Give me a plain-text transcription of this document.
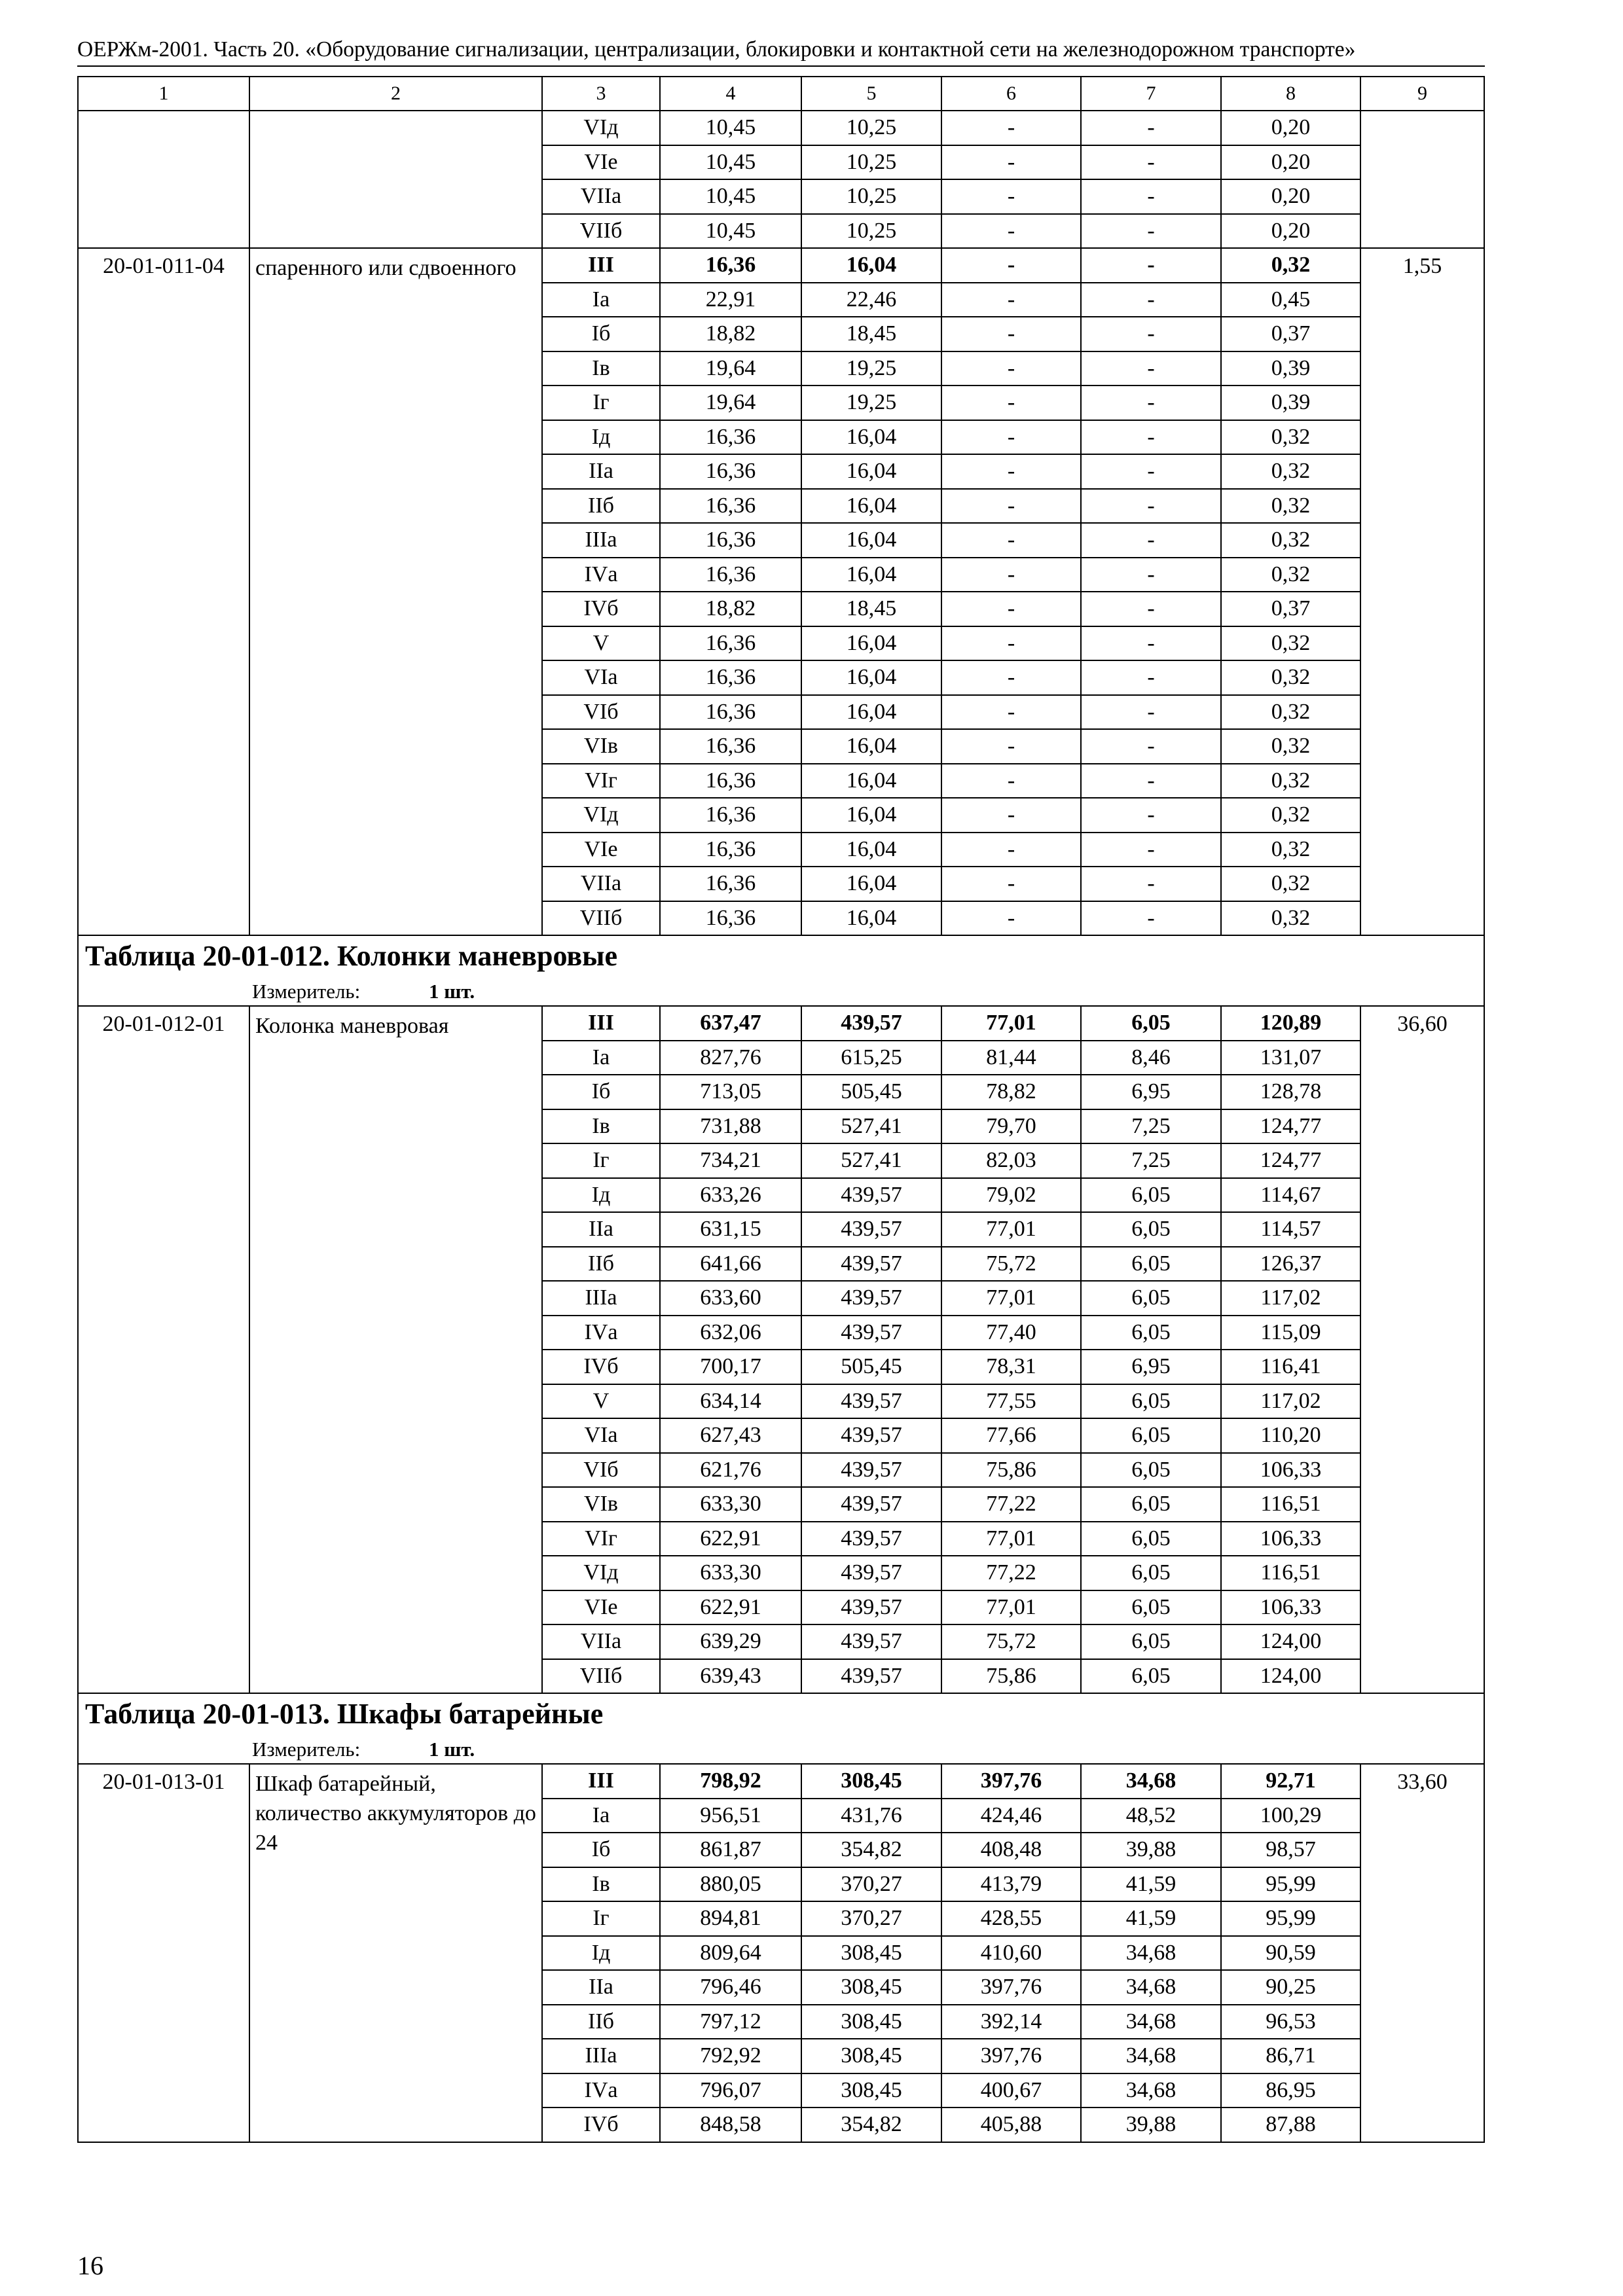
ОЕРЖм-2001. Часть 20. «Оборудование сигнализации, централизации, блокировки и контактной сети на железнодорожном транспорте»
1	2	3	4	5	6	7	8	9
		VIд	10,45	10,25	-	-	0,20	
		VIе	10,45	10,25	-	-	0,20	
		VIIа	10,45	10,25	-	-	0,20	
		VIIб	10,45	10,25	-	-	0,20	
20-01-011-04	спаренного или сдвоенного	III	16,36	16,04	-	-	0,32	1,55
		Iа	22,91	22,46	-	-	0,45	
		Iб	18,82	18,45	-	-	0,37	
		Iв	19,64	19,25	-	-	0,39	
		Iг	19,64	19,25	-	-	0,39	
		Iд	16,36	16,04	-	-	0,32	
		IIа	16,36	16,04	-	-	0,32	
		IIб	16,36	16,04	-	-	0,32	
		IIIа	16,36	16,04	-	-	0,32	
		IVа	16,36	16,04	-	-	0,32	
		IVб	18,82	18,45	-	-	0,37	
		V	16,36	16,04	-	-	0,32	
		VIа	16,36	16,04	-	-	0,32	
		VIб	16,36	16,04	-	-	0,32	
		VIв	16,36	16,04	-	-	0,32	
		VIг	16,36	16,04	-	-	0,32	
		VIд	16,36	16,04	-	-	0,32	
		VIе	16,36	16,04	-	-	0,32	
		VIIа	16,36	16,04	-	-	0,32	
		VIIб	16,36	16,04	-	-	0,32	
Таблица 20-01-012. Колонки маневровые								
Измеритель: 1 шт.								
20-01-012-01	Колонка маневровая	III	637,47	439,57	77,01	6,05	120,89	36,60
		Iа	827,76	615,25	81,44	8,46	131,07	
		Iб	713,05	505,45	78,82	6,95	128,78	
		Iв	731,88	527,41	79,70	7,25	124,77	
		Iг	734,21	527,41	82,03	7,25	124,77	
		Iд	633,26	439,57	79,02	6,05	114,67	
		IIа	631,15	439,57	77,01	6,05	114,57	
		IIб	641,66	439,57	75,72	6,05	126,37	
		IIIа	633,60	439,57	77,01	6,05	117,02	
		IVа	632,06	439,57	77,40	6,05	115,09	
		IVб	700,17	505,45	78,31	6,95	116,41	
		V	634,14	439,57	77,55	6,05	117,02	
		VIа	627,43	439,57	77,66	6,05	110,20	
		VIб	621,76	439,57	75,86	6,05	106,33	
		VIв	633,30	439,57	77,22	6,05	116,51	
		VIг	622,91	439,57	77,01	6,05	106,33	
		VIд	633,30	439,57	77,22	6,05	116,51	
		VIе	622,91	439,57	77,01	6,05	106,33	
		VIIа	639,29	439,57	75,72	6,05	124,00	
		VIIб	639,43	439,57	75,86	6,05	124,00	
Таблица 20-01-013. Шкафы батарейные								
Измеритель: 1 шт.								
20-01-013-01	Шкаф батарейный, количество аккумуляторов до 24	III	798,92	308,45	397,76	34,68	92,71	33,60
		Iа	956,51	431,76	424,46	48,52	100,29	
		Iб	861,87	354,82	408,48	39,88	98,57	
		Iв	880,05	370,27	413,79	41,59	95,99	
		Iг	894,81	370,27	428,55	41,59	95,99	
		Iд	809,64	308,45	410,60	34,68	90,59	
		IIа	796,46	308,45	397,76	34,68	90,25	
		IIб	797,12	308,45	392,14	34,68	96,53	
		IIIа	792,92	308,45	397,76	34,68	86,71	
		IVа	796,07	308,45	400,67	34,68	86,95	
		IVб	848,58	354,82	405,88	39,88	87,88	
16
